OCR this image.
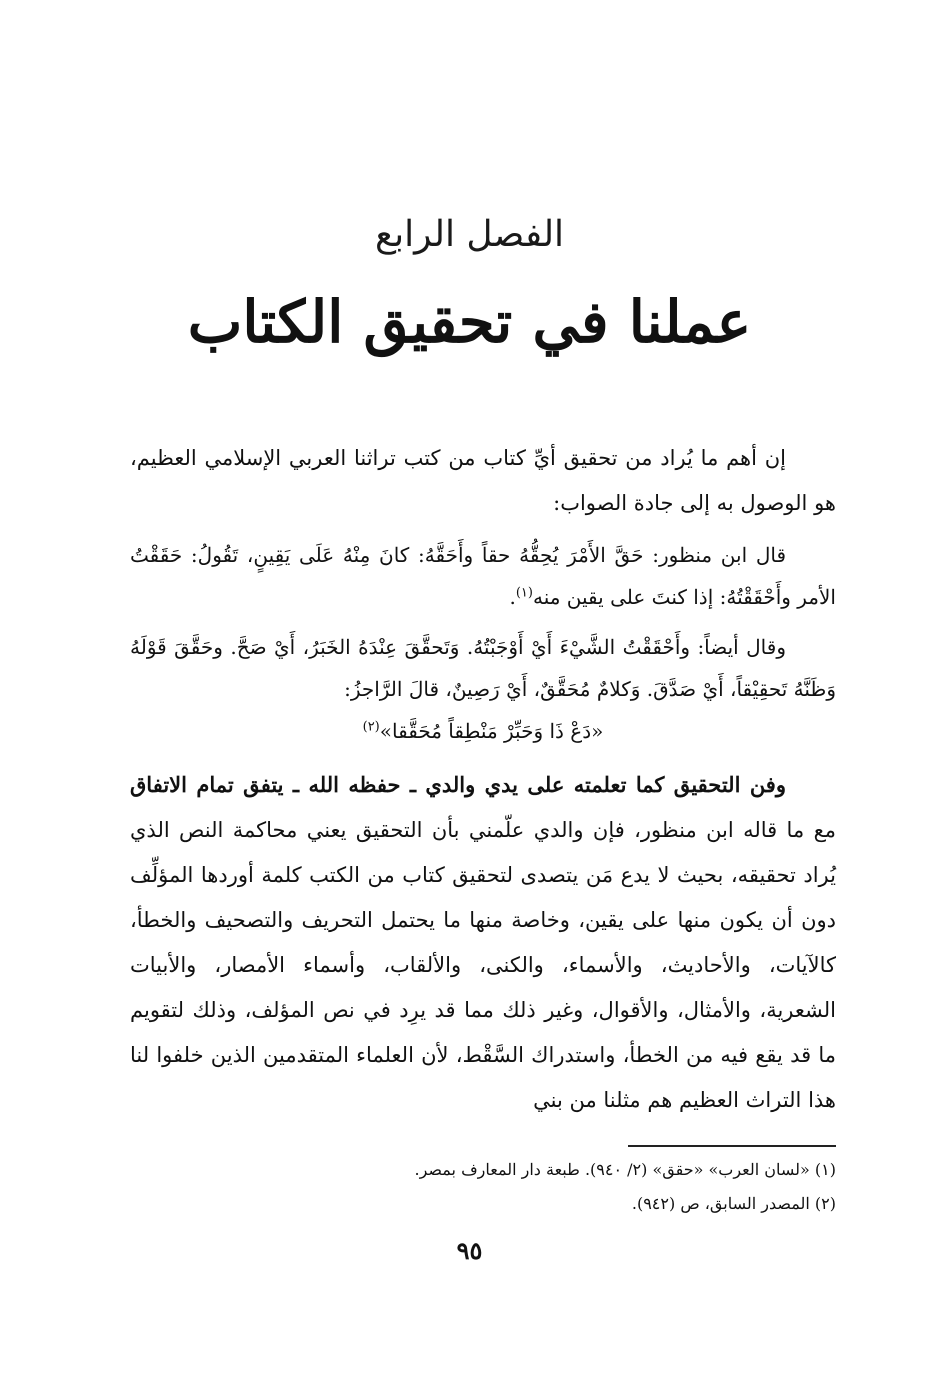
الفصل الرابع
عملنا في تحقيق الكتاب

إن أهم ما يُراد من تحقيق أيِّ كتاب من كتب تراثنا العربي الإسلامي العظيم، هو الوصول به إلى جادة الصواب:

قال ابن منظور: حَقَّ الأَمْرَ يُحِقُّهُ حقاً وأَحَقَّهُ: كانَ مِنْهُ عَلَى يَقِينٍ، تَقُولُ: حَقَقْتُ الأمر وأَحْقَقْتُهُ: إذا كنتَ على يقين منه$^{(١)}$.

وقال أيضاً: وأَحْقَقْتُ الشَّيْءَ أَيْ أَوْجَبْتُهُ. وَتَحقَّقَ عِنْدَهُ الخَبَرُ، أَيْ صَحَّ. وحَقَّقَ قَوْلَهُ وَظَنَّهُ تَحقِيْقاً، أَيْ صَدَّقَ. وَكلامٌ مُحَقَّقٌ، أَيْ رَصِينٌ، قالَ الرَّاجزُ:
«دَعْ ذَا وَحَبِّرْ مَنْطِقاً مُحَقَّقا»$^{(٢)}$

وفن التحقيق كما تعلمته على يدي والدي ـ حفظه الله ـ يتفق تمام الاتفاق مع ما قاله ابن منظور، فإن والدي علّمني بأن التحقيق يعني محاكمة النص الذي يُراد تحقيقه، بحيث لا يدع مَن يتصدى لتحقيق كتاب من الكتب كلمة أوردها المؤلِّف دون أن يكون منها على يقين، وخاصة منها ما يحتمل التحريف والتصحيف والخطأ، كالآيات، والأحاديث، والأسماء، والكنى، والألقاب، وأسماء الأمصار، والأبيات الشعرية، والأمثال، والأقوال، وغير ذلك مما قد يرِد في نص المؤلف، وذلك لتقويم ما قد يقع فيه من الخطأ، واستدراك السَّقْط، لأن العلماء المتقدمين الذين خلفوا لنا هذا التراث العظيم هم مثلنا من بني

(١) «لسان العرب» «حقق» (٢/ ٩٤٠). طبعة دار المعارف بمصر.

(٢) المصدر السابق، ص (٩٤٢).

٩٥
